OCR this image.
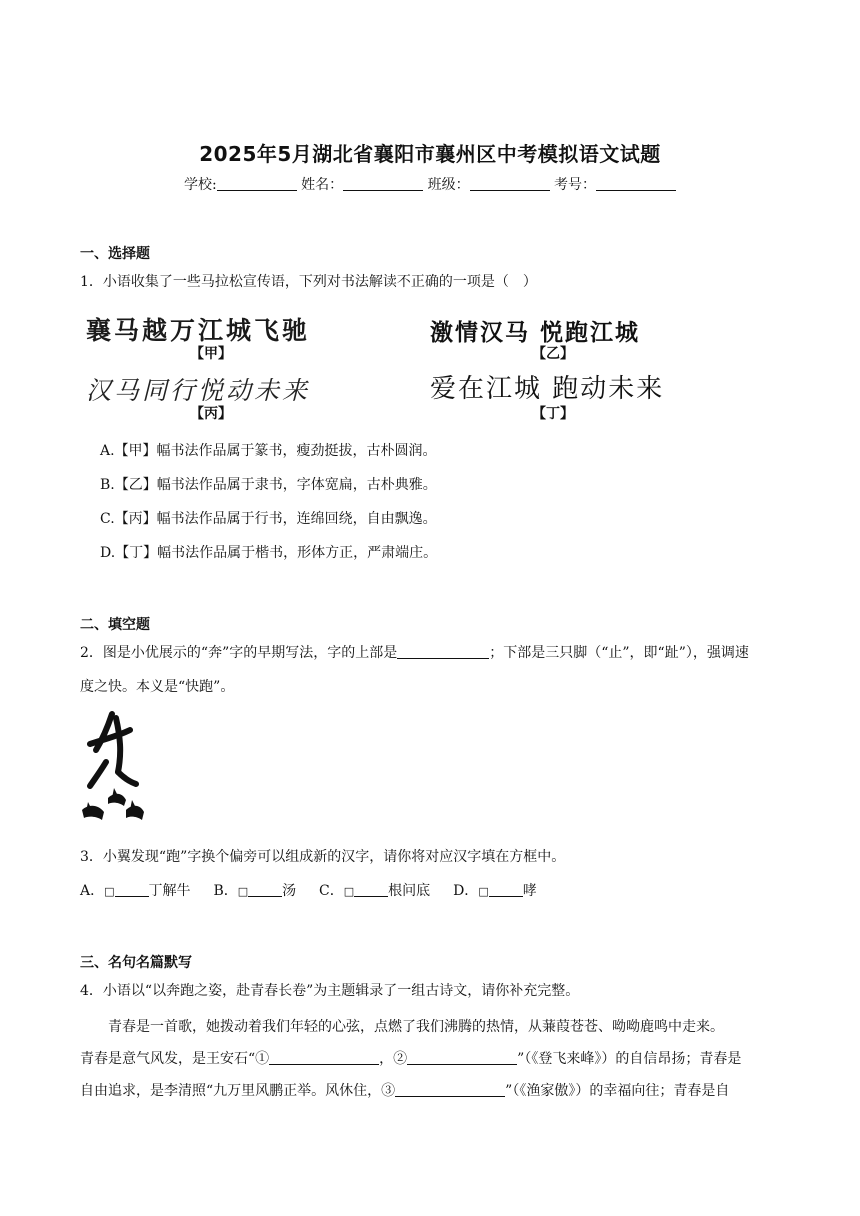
2025年5月湖北省襄阳市襄州区中考模拟语文试题
学校:	姓名：	班级：	考号：
一、选择题
1．小语收集了一些马拉松宣传语，下列对书法解读不正确的一项是（　）
襄马越万江城飞驰
【甲】
激情汉马 悦跑江城
【乙】
汉马同行悦动未来
【丙】
爱在江城 跑动未来
【丁】
A.【甲】幅书法作品属于篆书，瘦劲挺拔，古朴圆润。
B.【乙】幅书法作品属于隶书，字体宽扁，古朴典雅。
C.【丙】幅书法作品属于行书，连绵回绕，自由飘逸。
D.【丁】幅书法作品属于楷书，形体方正，严肃端庄。
二、填空题
2．图是小优展示的“奔”字的早期写法，字的上部是	；下部是三只脚（“止”，即“趾”），强调速
度之快。本义是“快跑”。
3．小翼发现“跑”字换个偏旁可以组成新的汉字，请你将对应汉字填在方框中。
A．□ 丁解牛 B．□ 汤 C．□ 根问底 D．□ 哮
三、名句名篇默写
4．小语以“以奔跑之姿，赴青春长卷”为主题辑录了一组古诗文，请你补充完整。
青春是一首歌，她拨动着我们年轻的心弦，点燃了我们沸腾的热情，从蒹葭苍苍、呦呦鹿鸣中走来。
青春是意气风发，是王安石“①	，②	”（《登飞来峰》）的自信昂扬；青春是
自由追求，是李清照“九万里风鹏正举。风休住，③	”（《渔家傲》）的幸福向往；青春是自
